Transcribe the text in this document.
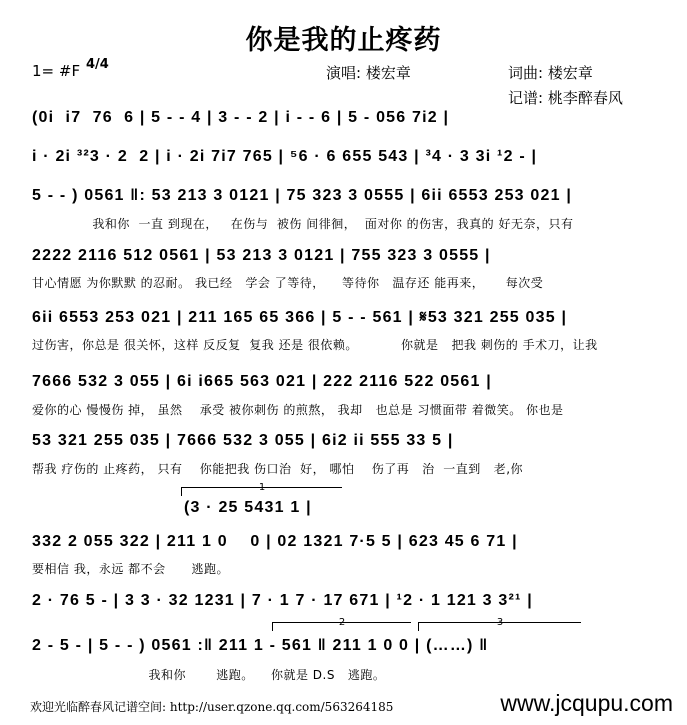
你是我的止疼药
1= #F 4/4	演唱: 楼宏章	词曲: 楼宏章
记谱: 桃李醉春风
(0i  i7  76  6 | 5 - - 4 | 3 - - 2 | i - - 6 | 5 - 056 7i2 |
i · 2i ³²3 · 2  2 | i · 2i 7i7 765 | ⁵6 · 6 655 543 | ³4 · 3 3i ¹2 - |
5 - - ) 0561 ‖: 53 213 3 0121 | 75 323 3 0555 | 6ii 6553 253 021 |
我和你  一直 到现在，   在伤与  被伤 间徘徊，  面对你 的伤害，我真的 好无奈，只有
2222 2116 512 0561 | 53 213 3 0121 | 755 323 3 0555 |
甘心情愿 为你默默 的忍耐。 我已经   学会 了等待，    等待你   温存还 能再来，     每次受
6ii 6553 253 021 | 211 165 65 366 | 5 - - 561 | 𝄋53 321 255 035 |
过伤害，你总是 很关怀，这样 反反复  复我 还是 很依赖。          你就是   把我 刺伤的 手术刀，让我
7666 532 3 055 | 6i i665 563 021 | 222 2116 522 0561 |
爱你的心 慢慢伤 掉， 虽然    承受 被你刺伤 的煎熬， 我却   也总是 习惯面带 着微笑。 你也是
53 321 255 035 | 7666 532 3 055 | 6i2 ii 555 33 5 |
帮我 疗伤的 止疼药， 只有    你能把我 伤口治  好， 哪怕    伤了再   治  一直到   老,你
1
(3 · 25 5431 1 |
332 2 055 322 | 211 1 0    0 | 02 1321 7·5 5 | 623 45 6 71 |
要相信 我，永远 都不会      逃跑。
2 · 76 5 - | 3 3 · 32 1231 | 7 · 1 7 · 17 671 | ¹2 · 1 121 3 3²¹ |
2	3
2 - 5 - | 5 - - ) 0561 :‖ 211 1 - 561 ‖ 211 1 0 0 | (……) ‖
我和你       逃跑。    你就是 D.S   逃跑。
欢迎光临醉春风记谱空间: http://user.qzone.qq.com/563264185	www.jcqupu.com
